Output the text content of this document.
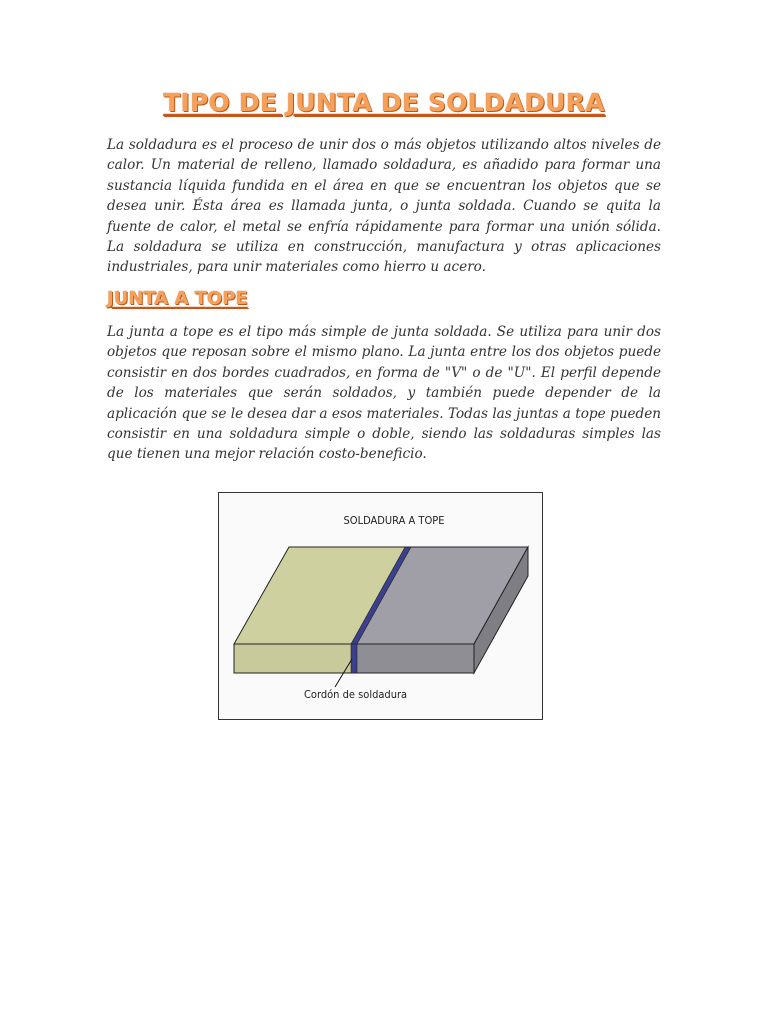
TIPO DE JUNTA DE SOLDADURA

La soldadura es el proceso de unir dos o más objetos utilizando altos niveles de calor. Un material de relleno, llamado soldadura, es añadido para formar una sustancia líquida fundida en el área en que se encuentran los objetos que se desea unir. Ésta área es llamada junta, o junta soldada. Cuando se quita la fuente de calor, el metal se enfría rápidamente para formar una unión sólida. La soldadura se utiliza en construcción, manufactura y otras aplicaciones industriales, para unir materiales como hierro u acero.

JUNTA A TOPE

La junta a tope es el tipo más simple de junta soldada. Se utiliza para unir dos objetos que reposan sobre el mismo plano. La junta entre los dos objetos puede consistir en dos bordes cuadrados, en forma de "V" o de "U". El perfil depende de los materiales que serán soldados, y también puede depender de la aplicación que se le desea dar a esos materiales. Todas las juntas a tope pueden consistir en una soldadura simple o doble, siendo las soldaduras simples las que tienen una mejor relación costo-beneficio.

SOLDADURA A TOPE
Cordón de soldadura
